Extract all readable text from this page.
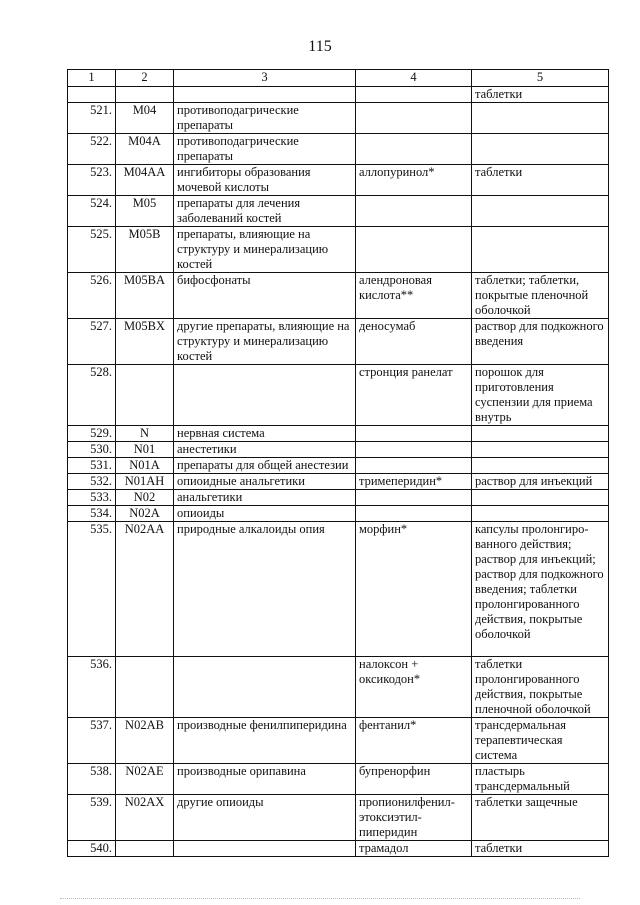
115
1	2	3	4	5
				таблетки
521.	M04	противоподагрические препараты		
522.	M04A	противоподагрические препараты		
523.	M04AA	ингибиторы образования мочевой кислоты	аллопуринол*	таблетки
524.	M05	препараты для лечения заболеваний костей		
525.	M05B	препараты, влияющие на структуру и минерализацию костей		
526.	M05BA	бифосфонаты	алендроновая кислота**	таблетки; таблетки, покрытые пленочной оболочкой
527.	M05BX	другие препараты, влияющие на структуру и минерализацию костей	деносумаб	раствор для подкожного введения
528.			стронция ранелат	порошок для приготовления суспензии для приема внутрь
529.	N	нервная система		
530.	N01	анестетики		
531.	N01A	препараты для общей анестезии		
532.	N01AH	опиоидные анальгетики	тримеперидин*	раствор для инъекций
533.	N02	анальгетики		
534.	N02A	опиоиды		
535.	N02AA	природные алкалоиды опия	морфин*	капсулы пролонгиро-ванного действия; раствор для инъекций; раствор для подкожного введения; таблетки пролонгированного действия, покрытые оболочкой
536.			налоксон + оксикодон*	таблетки пролонгированного действия, покрытые пленочной оболочкой
537.	N02AB	производные фенилпиперидина	фентанил*	трансдермальная терапевтическая система
538.	N02AE	производные орипавина	бупренорфин	пластырь трансдермальный
539.	N02AX	другие опиоиды	пропионилфенил-этоксиэтил-пиперидин	таблетки защечные
540.			трамадол	таблетки
